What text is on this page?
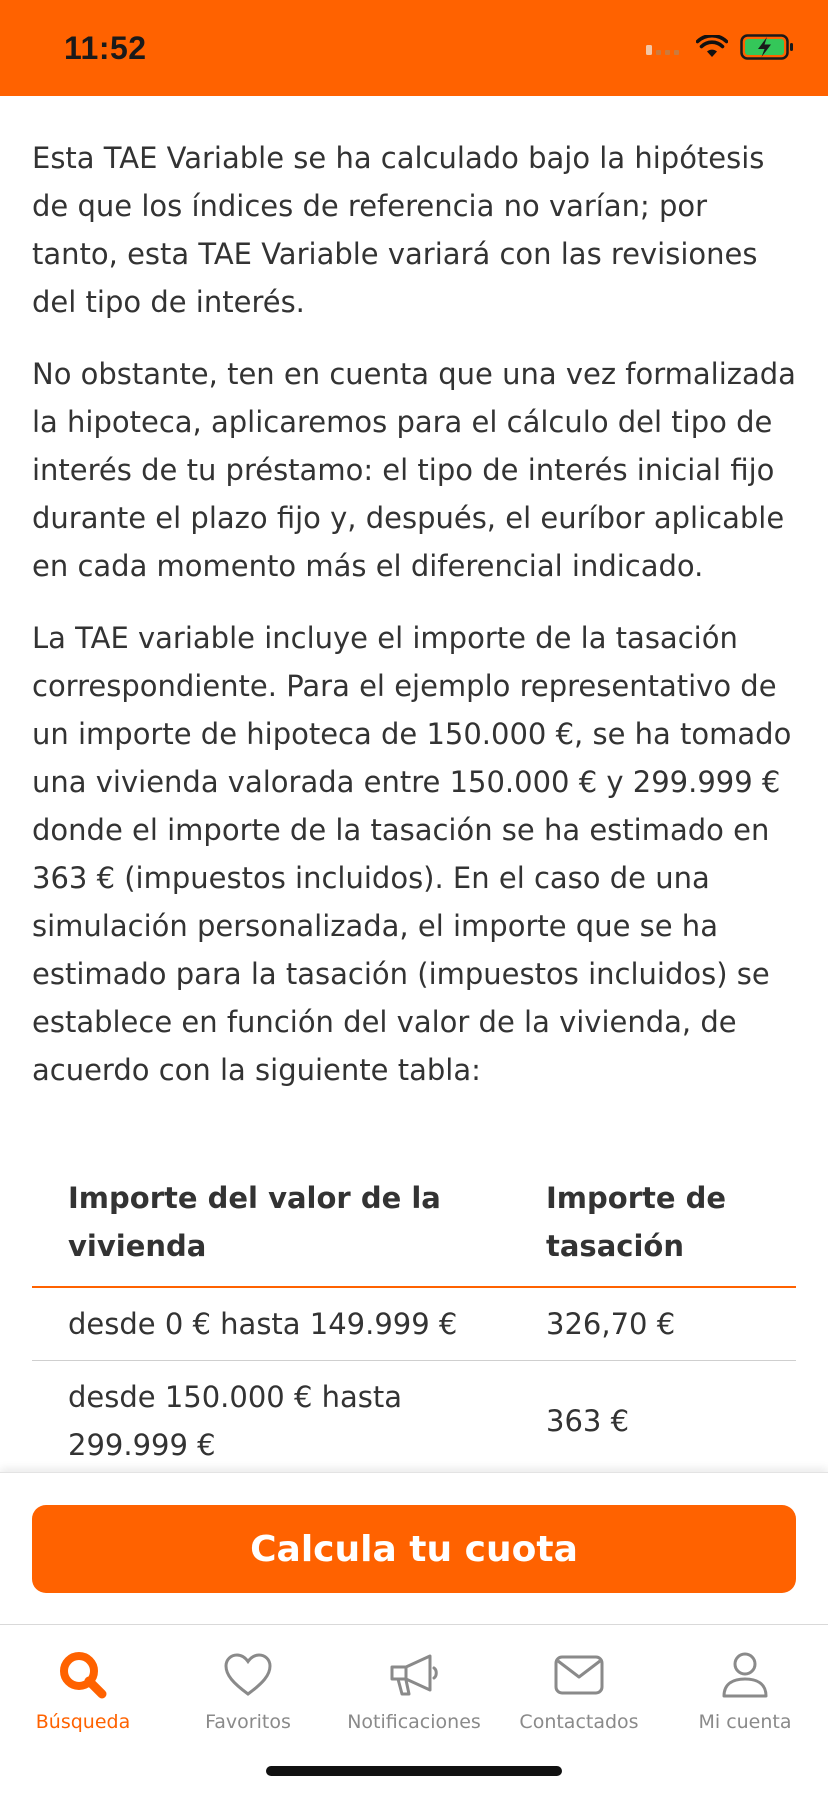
11:52

Esta TAE Variable se ha calculado bajo la hipótesis de que los índices de referencia no varían; por tanto, esta TAE Variable variará con las revisiones del tipo de interés.

No obstante, ten en cuenta que una vez formalizada la hipoteca, aplicaremos para el cálculo del tipo de interés de tu préstamo: el tipo de interés inicial fijo durante el plazo fijo y, después, el euríbor aplicable en cada momento más el diferencial indicado.

La TAE variable incluye el importe de la tasación correspondiente. Para el ejemplo representativo de un importe de hipoteca de 150.000 €, se ha tomado una vivienda valorada entre 150.000 € y 299.999 € donde el importe de la tasación se ha estimado en 363 € (impuestos incluidos). En el caso de una simulación personalizada, el importe que se ha estimado para la tasación (impuestos incluidos) se establece en función del valor de la vivienda, de acuerdo con la siguiente tabla:

Importe del valor de la vivienda	Importe de tasación
desde 0 € hasta 149.999 €	326,70 €
desde 150.000 € hasta 299.999 €	363 €
Calcula tu cuota
Búsqueda	Favoritos	Notificaciones Contactados	Mi cuenta
